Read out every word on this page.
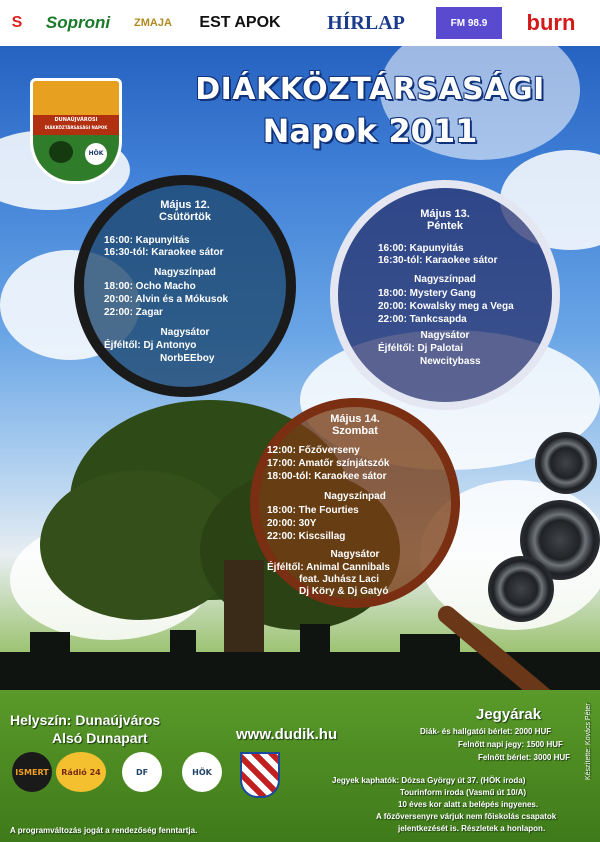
S	Soproni	ZMAJA	EST APOK	HÍRLAP	FM 98.9	burn
DUNAÚJVÁROSI
DIÁKKÖZTÁRSASÁGI NAPOK
HÖK
DIÁKKÖZTÁRSASÁGI
Napok 2011
Május 12.
Csütörtök
16:00: Kapunyitás
16:30-tól: Karaokee sátor
Nagyszínpad
18:00: Ocho Macho
20:00: Alvin és a Mókusok
22:00: Zagar
Nagysátor
Éjféltől: Dj Antonyo
NorbEEboy
Május 13.
Péntek
16:00: Kapunyitás
16:30-tól: Karaokee sátor
Nagyszínpad
18:00: Mystery Gang
20:00: Kowalsky meg a Vega
22:00: Tankcsapda
Nagysátor
Éjféltől: Dj Palotai
Newcitybass
Május 14.
Szombat
12:00: Főzőverseny
17:00: Amatőr színjátszók
18:00-tól: Karaokee sátor
Nagyszínpad
18:00: The Fourties
20:00: 30Y
22:00: Kiscsillag
Nagysátor
Éjféltől: Animal Cannibals
feat. Juhász Laci
Dj Köry & Dj Gatyó
Helyszín: Dunaújváros
Alsó Dunapart	www.dudik.hu
Jegyárak
Diák- és hallgatói bérlet: 2000 HUF
Felnőtt napi jegy: 1500 HUF
Felnőtt bérlet: 3000 HUF
ISMERT	Rádió 24	DF	HÖK
Jegyek kaphatók: Dózsa György út 37. (HÖK iroda)
Tourinform iroda (Vasmű út 10/A)
10 éves kor alatt a belépés ingyenes.
A főzőversenyre várjuk nem főiskolás csapatok
jelentkezését is. Részletek a honlapon.
A programváltozás jogát a rendezőség fenntartja.
Készítette: Kovács Péter
